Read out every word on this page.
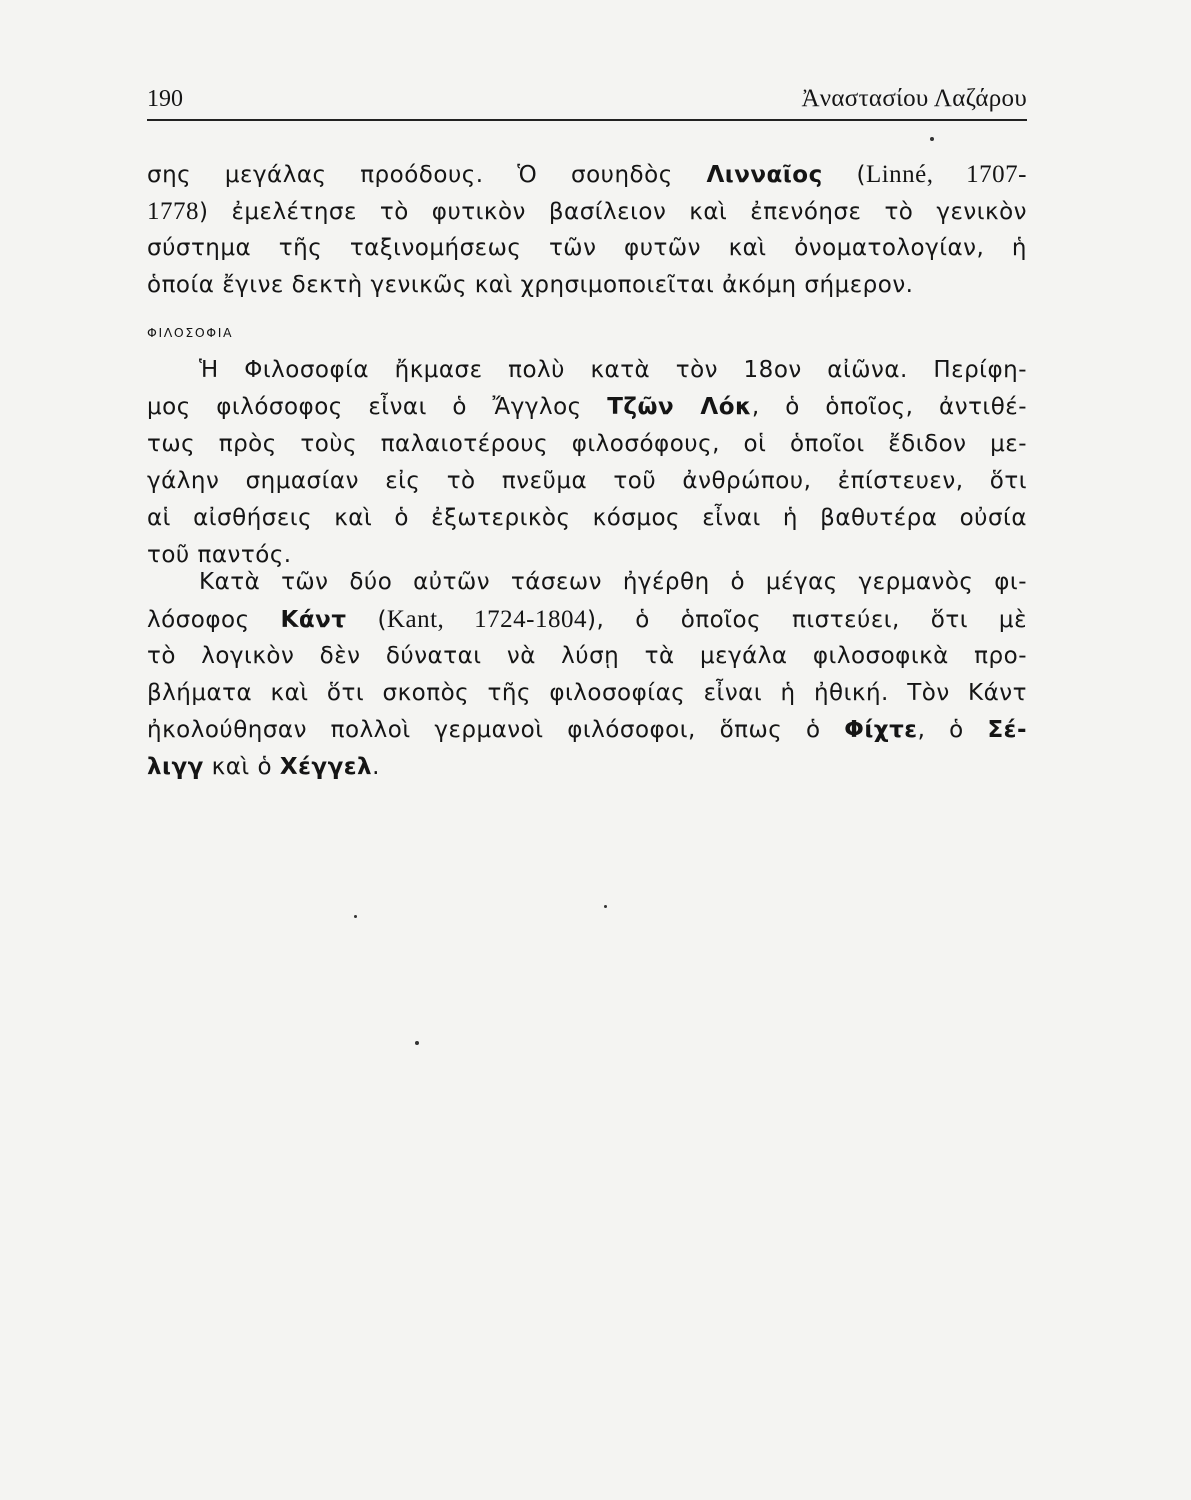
190	Ἀναστασίου Λαζάρου
σης μεγάλας προόδους. Ὁ σουηδὸς Λινναῖος (Linné, 1707-
1778) ἐμελέτησε τὸ φυτικὸν βασίλειον καὶ ἐπενόησε τὸ γενικὸν
σύστημα τῆς ταξινομήσεως τῶν φυτῶν καὶ ὀνοματολογίαν, ἡ
ὁποία ἔγινε δεκτὴ γενικῶς καὶ χρησιμοποιεῖται ἀκόμη σήμερον.
ΦΙΛΟΣΟΦΙΑ
Ἡ Φιλοσοφία ἤκμασε πολὺ κατὰ τὸν 18ον αἰῶνα. Περίφη-
μος φιλόσοφος εἶναι ὁ Ἄγγλος Τζῶν Λόκ, ὁ ὁποῖος, ἀντιθέ-
τως πρὸς τοὺς παλαιοτέρους φιλοσόφους, οἱ ὁποῖοι ἔδιδον με-
γάλην σημασίαν εἰς τὸ πνεῦμα τοῦ ἀνθρώπου, ἐπίστευεν, ὅτι
αἱ αἰσθήσεις καὶ ὁ ἐξωτερικὸς κόσμος εἶναι ἡ βαθυτέρα οὐσία
τοῦ παντός.
Κατὰ τῶν δύο αὐτῶν τάσεων ἠγέρθη ὁ μέγας γερμανὸς φι-
λόσοφος Κάντ (Kant, 1724-1804), ὁ ὁποῖος πιστεύει, ὅτι μὲ
τὸ λογικὸν δὲν δύναται νὰ λύσῃ τὰ μεγάλα φιλοσοφικὰ προ-
βλήματα καὶ ὅτι σκοπὸς τῆς φιλοσοφίας εἶναι ἡ ἠθική. Τὸν Κάντ
ἠκολούθησαν πολλοὶ γερμανοὶ φιλόσοφοι, ὅπως ὁ Φίχτε, ὁ Σέ-
λιγγ καὶ ὁ Χέγγελ.
